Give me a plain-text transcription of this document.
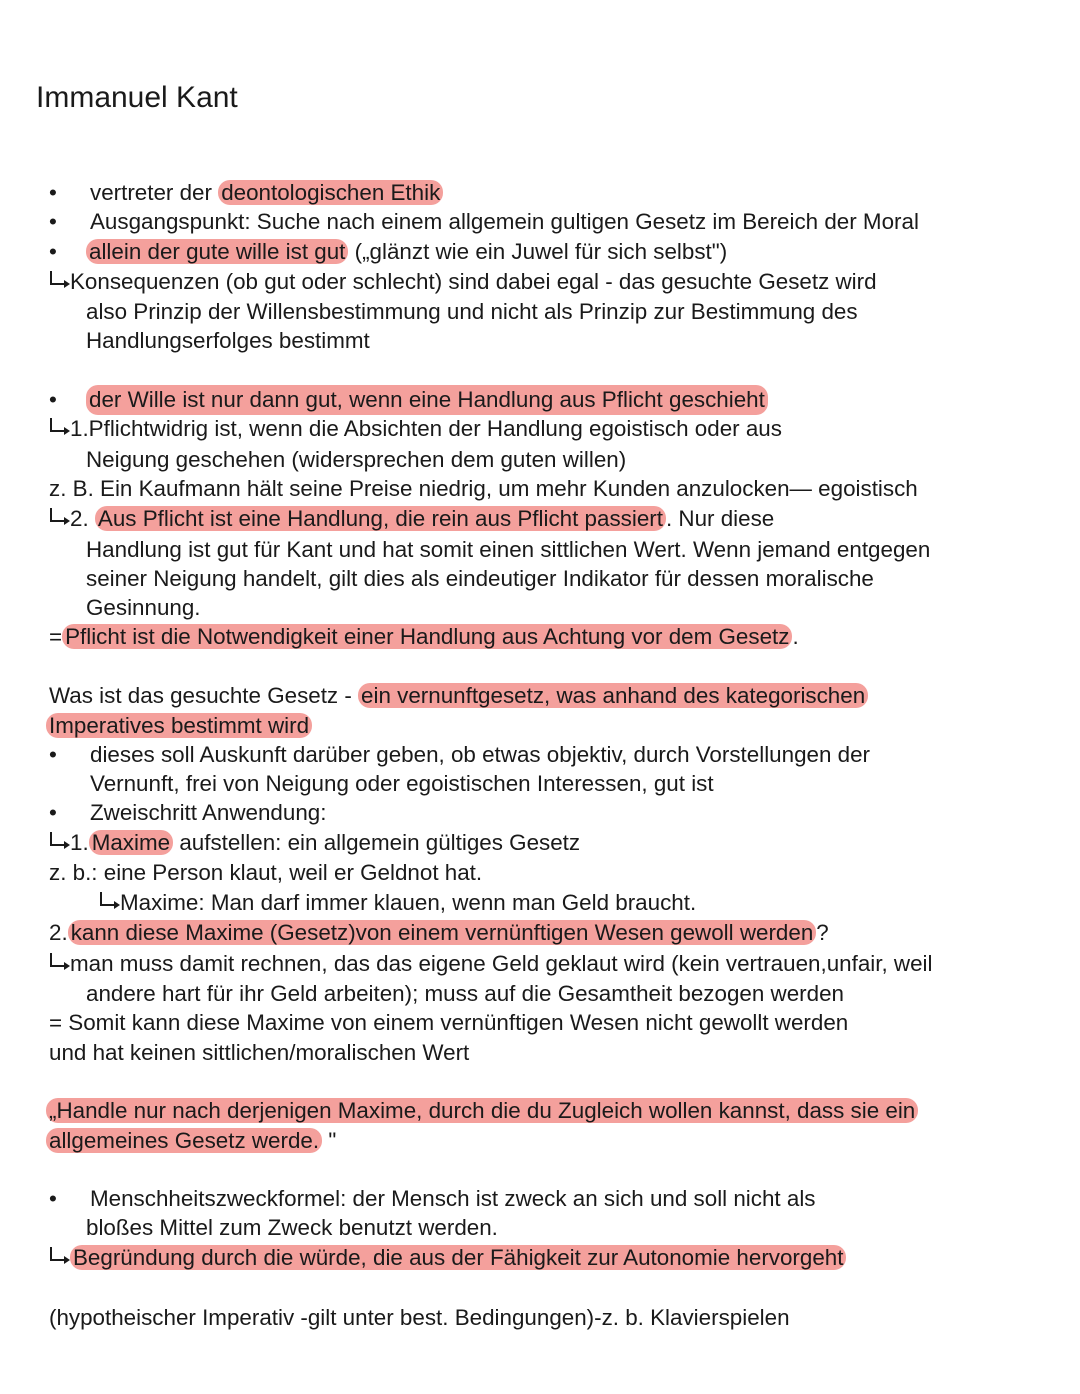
Immanuel Kant
• vertreter der deontologischen Ethik
• Ausgangspunkt: Suche nach einem allgemein gultigen Gesetz im Bereich der Moral
• allein der gute wille ist gut („glänzt wie ein Juwel für sich selbst")
Konsequenzen (ob gut oder schlecht) sind dabei egal - das gesuchte Gesetz wird
also Prinzip der Willensbestimmung und nicht als Prinzip zur Bestimmung des
Handlungserfolges bestimmt
• der Wille ist nur dann gut, wenn eine Handlung aus Pflicht geschieht
1.Pflichtwidrig ist, wenn die Absichten der Handlung egoistisch oder aus
Neigung geschehen (widersprechen dem guten willen)
z. B. Ein Kaufmann hält seine Preise niedrig, um mehr Kunden anzulocken— egoistisch
2. Aus Pflicht ist eine Handlung, die rein aus Pflicht passiert . Nur diese
Handlung ist gut für Kant und hat somit einen sittlichen Wert. Wenn jemand entgegen
seiner Neigung handelt, gilt dies als eindeutiger Indikator für dessen moralische
Gesinnung.
= Pflicht ist die Notwendigkeit einer Handlung aus Achtung vor dem Gesetz .
Was ist das gesuchte Gesetz - ein vernunftgesetz, was anhand des kategorischen
Imperatives bestimmt wird
• dieses soll Auskunft darüber geben, ob etwas objektiv, durch Vorstellungen der
Vernunft, frei von Neigung oder egoistischen Interessen, gut ist
• Zweischritt Anwendung:
1. Maxime aufstellen: ein allgemein gültiges Gesetz
z. b.: eine Person klaut, weil er Geldnot hat.
Maxime: Man darf immer klauen, wenn man Geld braucht.
2. kann diese Maxime (Gesetz)von einem vernünftigen Wesen gewoll werden ?
man muss damit rechnen, das das eigene Geld geklaut wird (kein vertrauen,unfair, weil
andere hart für ihr Geld arbeiten); muss auf die Gesamtheit bezogen werden
= Somit kann diese Maxime von einem vernünftigen Wesen nicht gewollt werden
und hat keinen sittlichen/moralischen Wert
„Handle nur nach derjenigen Maxime, durch die du Zugleich wollen kannst, dass sie ein
allgemeines Gesetz werde. "
• Menschheitszweckformel: der Mensch ist zweck an sich und soll nicht als
bloßes Mittel zum Zweck benutzt werden.
Begründung durch die würde, die aus der Fähigkeit zur Autonomie hervorgeht
(hypotheischer Imperativ -gilt unter best. Bedingungen)-z. b. Klavierspielen
